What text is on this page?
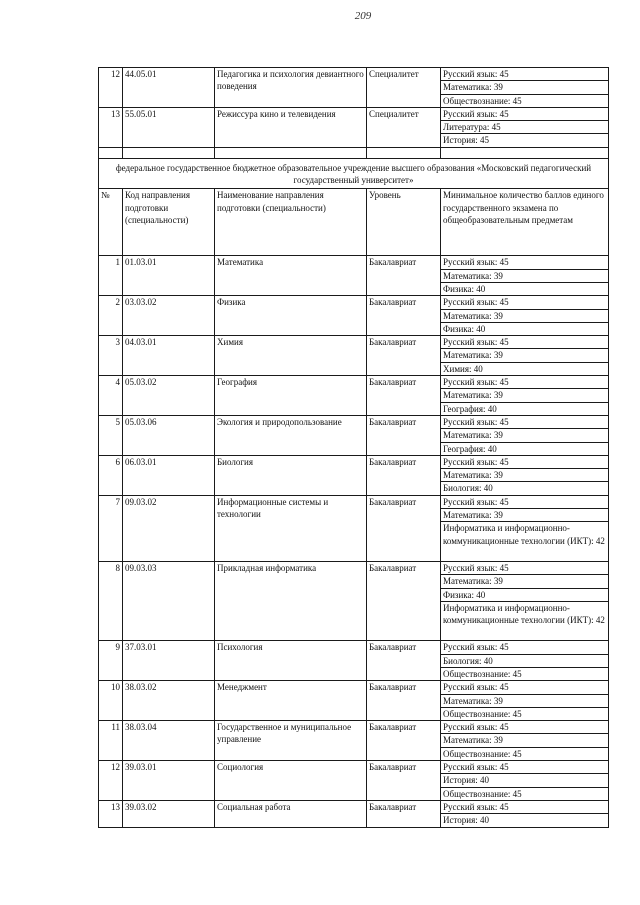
209
12	44.05.01	Педагогика и психология девиантного поведения	Специалитет	Русский язык: 45
				Математика: 39
				Обществознание: 45
13	55.05.01	Режиссура кино и телевидения	Специалитет	Русский язык: 45
				Литература: 45
				История: 45

федеральное государственное бюджетное образовательное учреждение высшего образования «Московский педагогический государственный университет»				
№	Код направления подготовки (специальности)	Наименование направления подготовки (специальности)	Уровень	Минимальное количество баллов единого государственного экзамена по общеобразовательным предметам
1	01.03.01	Математика	Бакалавриат	Русский язык: 45
				Математика: 39
				Физика: 40
2	03.03.02	Физика	Бакалавриат	Русский язык: 45
				Математика: 39
				Физика: 40
3	04.03.01	Химия	Бакалавриат	Русский язык: 45
				Математика: 39
				Химия: 40
4	05.03.02	География	Бакалавриат	Русский язык: 45
				Математика: 39
				География: 40
5	05.03.06	Экология и природопользование	Бакалавриат	Русский язык: 45
				Математика: 39
				География: 40
6	06.03.01	Биология	Бакалавриат	Русский язык: 45
				Математика: 39
				Биология: 40
7	09.03.02	Информационные системы и технологии	Бакалавриат	Русский язык: 45
				Математика: 39
				Информатика и информационно-коммуникационные технологии (ИКТ): 42
8	09.03.03	Прикладная информатика	Бакалавриат	Русский язык: 45
				Математика: 39
				Физика: 40
				Информатика и информационно-коммуникационные технологии (ИКТ): 42
9	37.03.01	Психология	Бакалавриат	Русский язык: 45
				Биология: 40
				Обществознание: 45
10	38.03.02	Менеджмент	Бакалавриат	Русский язык: 45
				Математика: 39
				Обществознание: 45
11	38.03.04	Государственное и муниципальное управление	Бакалавриат	Русский язык: 45
				Математика: 39
				Обществознание: 45
12	39.03.01	Социология	Бакалавриат	Русский язык: 45
				История: 40
				Обществознание: 45
13	39.03.02	Социальная работа	Бакалавриат	Русский язык: 45
				История: 40
